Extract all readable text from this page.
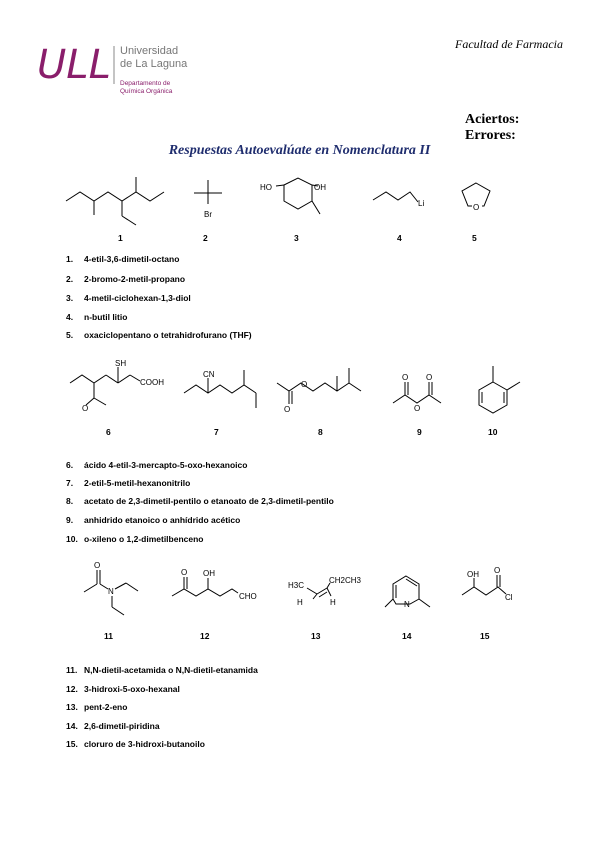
Facultad de Farmacia
ULL Universidad
de La Laguna
Departamento de
Química Orgánica
Aciertos:
Errores:
Respuestas Autoevalúate en Nomenclatura II
Br
HO	OH
Li	O
1	2	3	4	5
SH
COOH
O
CN
O
O
O
O
O
6	7	8	9	10
O
N
O OH
CHO
H3C
CH2CH3
H	H	N
OH O
Cl
11	12	13	14	15
1. 4-etil-3,6-dimetil-octano
2. 2-bromo-2-metil-propano
3. 4-metil-ciclohexan-1,3-diol
4. n-butil litio
5. oxaciclopentano o tetrahidrofurano (THF)
6. ácido 4-etil-3-mercapto-5-oxo-hexanoico
7. 2-etil-5-metil-hexanonitrilo
8. acetato de 2,3-dimetil-pentilo o etanoato de 2,3-dimetil-pentilo
9. anhidrido etanoico o anhídrido acético
10. o-xileno o 1,2-dimetilbenceno
11. N,N-dietil-acetamida o N,N-dietil-etanamida
12. 3-hidroxi-5-oxo-hexanal
13. pent-2-eno
14. 2,6-dimetil-piridina
15. cloruro de 3-hidroxi-butanoilo
